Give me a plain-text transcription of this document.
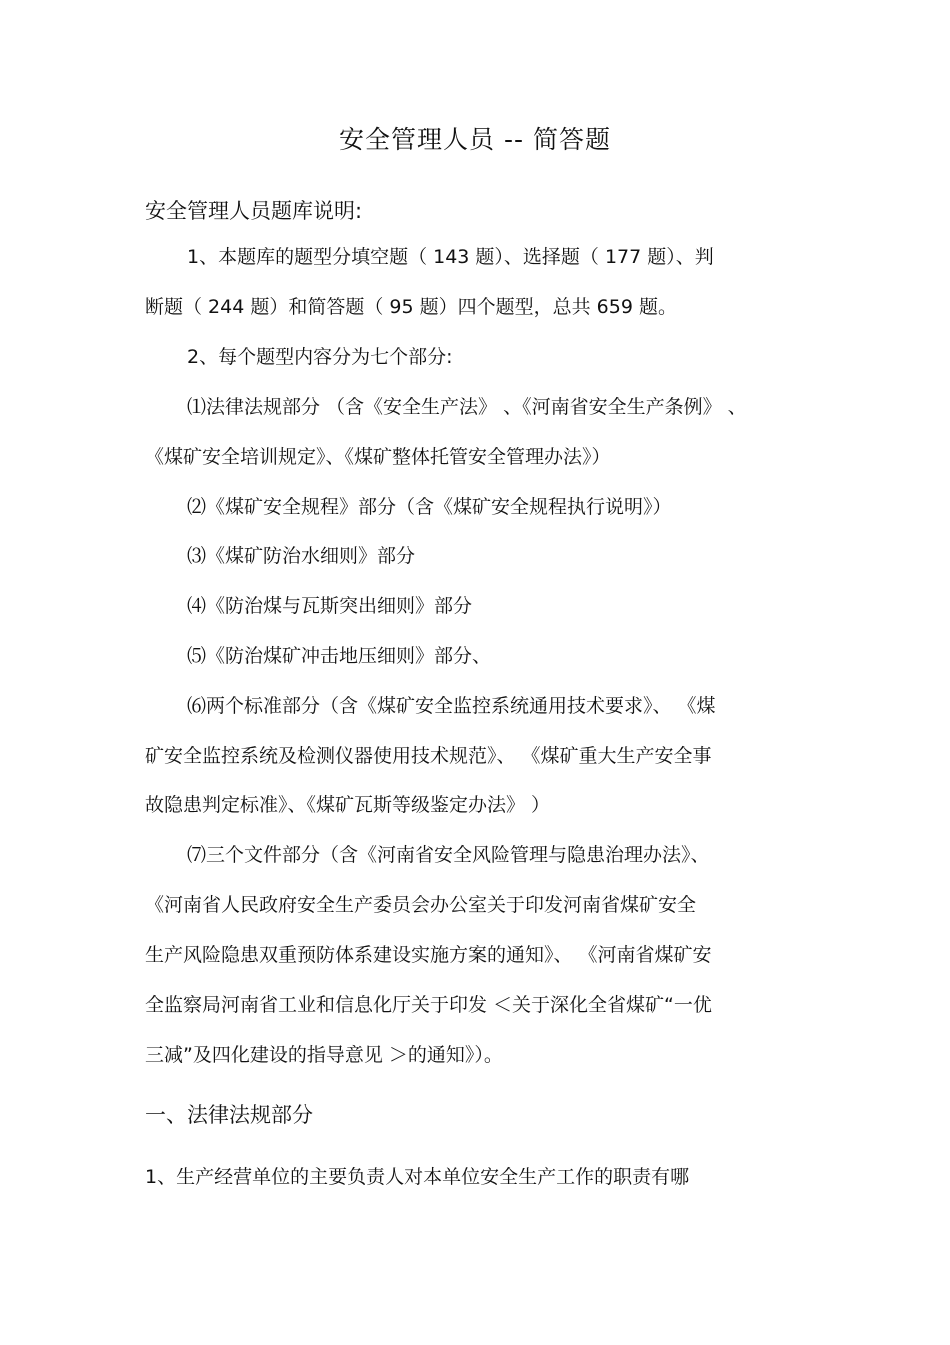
安全管理人员 -- 简答题
安全管理人员题库说明:
1、本题库的题型分填空题（ 143 题）、选择题（ 177 题）、判
断题（ 244 题）和简答题（ 95 题）四个题型，总共 659 题。
2、每个题型内容分为七个部分:
⑴法律法规部分 （含《安全生产法》 、《河南省安全生产条例》 、
《煤矿安全培训规定》、《煤矿整体托管安全管理办法》）
⑵《煤矿安全规程》部分（含《煤矿安全规程执行说明》）
⑶《煤矿防治水细则》部分
⑷《防治煤与瓦斯突出细则》部分
⑸《防治煤矿冲击地压细则》部分、
⑹两个标准部分（含《煤矿安全监控系统通用技术要求》、 《煤
矿安全监控系统及检测仪器使用技术规范》、 《煤矿重大生产安全事
故隐患判定标准》、《煤矿瓦斯等级鉴定办法》 ）
⑺三个文件部分（含《河南省安全风险管理与隐患治理办法》、
《河南省人民政府安全生产委员会办公室关于印发河南省煤矿安全
生产风险隐患双重预防体系建设实施方案的通知》、 《河南省煤矿安
全监察局河南省工业和信息化厅关于印发 ＜关于深化全省煤矿“一优
三减”及四化建设的指导意见 ＞的通知》）。
一、法律法规部分
1、生产经营单位的主要负责人对本单位安全生产工作的职责有哪
